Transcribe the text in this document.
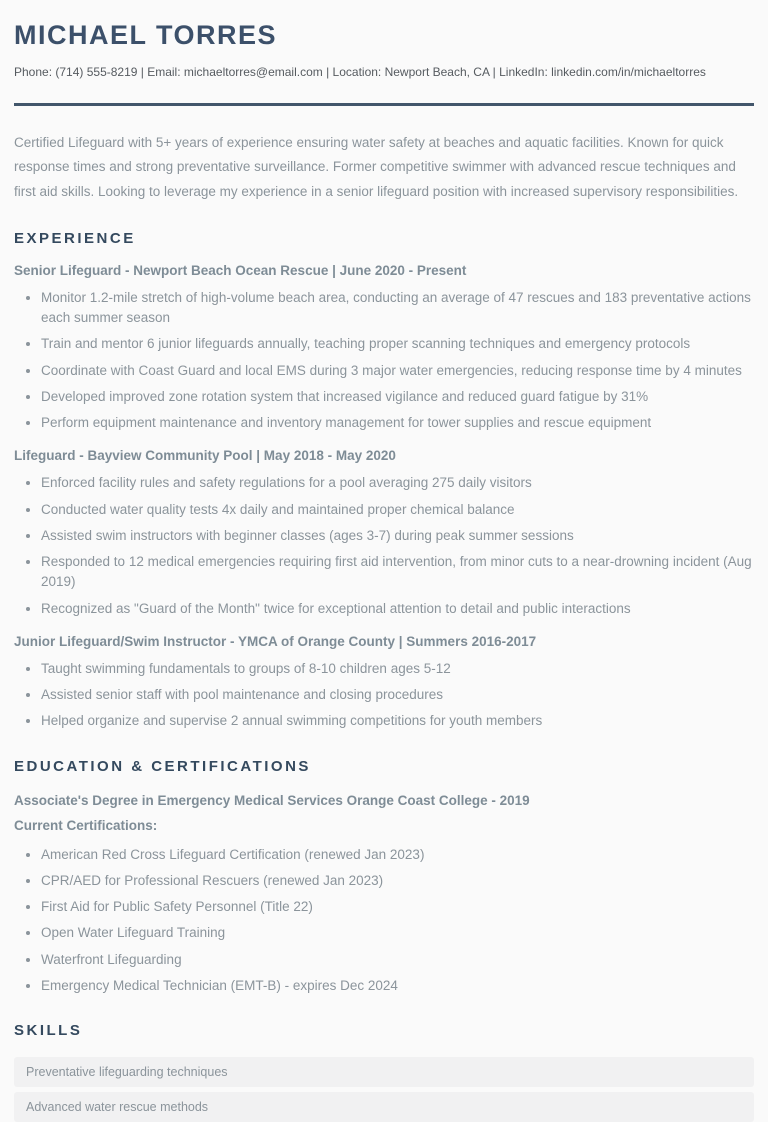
MICHAEL TORRES
Phone: (714) 555-8219 | Email: michaeltorres@email.com | Location: Newport Beach, CA | LinkedIn: linkedin.com/in/michaeltorres

Certified Lifeguard with 5+ years of experience ensuring water safety at beaches and aquatic facilities. Known for quick response times and strong preventative surveillance. Former competitive swimmer with advanced rescue techniques and first aid skills. Looking to leverage my experience in a senior lifeguard position with increased supervisory responsibilities.

EXPERIENCE
Senior Lifeguard - Newport Beach Ocean Rescue | June 2020 - Present
• Monitor 1.2-mile stretch of high-volume beach area, conducting an average of 47 rescues and 183 preventative actions each summer season
• Train and mentor 6 junior lifeguards annually, teaching proper scanning techniques and emergency protocols
• Coordinate with Coast Guard and local EMS during 3 major water emergencies, reducing response time by 4 minutes
• Developed improved zone rotation system that increased vigilance and reduced guard fatigue by 31%
• Perform equipment maintenance and inventory management for tower supplies and rescue equipment
Lifeguard - Bayview Community Pool | May 2018 - May 2020
• Enforced facility rules and safety regulations for a pool averaging 275 daily visitors
• Conducted water quality tests 4x daily and maintained proper chemical balance
• Assisted swim instructors with beginner classes (ages 3-7) during peak summer sessions
• Responded to 12 medical emergencies requiring first aid intervention, from minor cuts to a near-drowning incident (Aug 2019)
• Recognized as "Guard of the Month" twice for exceptional attention to detail and public interactions
Junior Lifeguard/Swim Instructor - YMCA of Orange County | Summers 2016-2017
• Taught swimming fundamentals to groups of 8-10 children ages 5-12
• Assisted senior staff with pool maintenance and closing procedures
• Helped organize and supervise 2 annual swimming competitions for youth members
EDUCATION & CERTIFICATIONS
Associate's Degree in Emergency Medical Services Orange Coast College - 2019
Current Certifications:
• American Red Cross Lifeguard Certification (renewed Jan 2023)
• CPR/AED for Professional Rescuers (renewed Jan 2023)
• First Aid for Public Safety Personnel (Title 22)
• Open Water Lifeguard Training
• Waterfront Lifeguarding
• Emergency Medical Technician (EMT-B) - expires Dec 2024
SKILLS
Preventative lifeguarding techniques
Advanced water rescue methods
